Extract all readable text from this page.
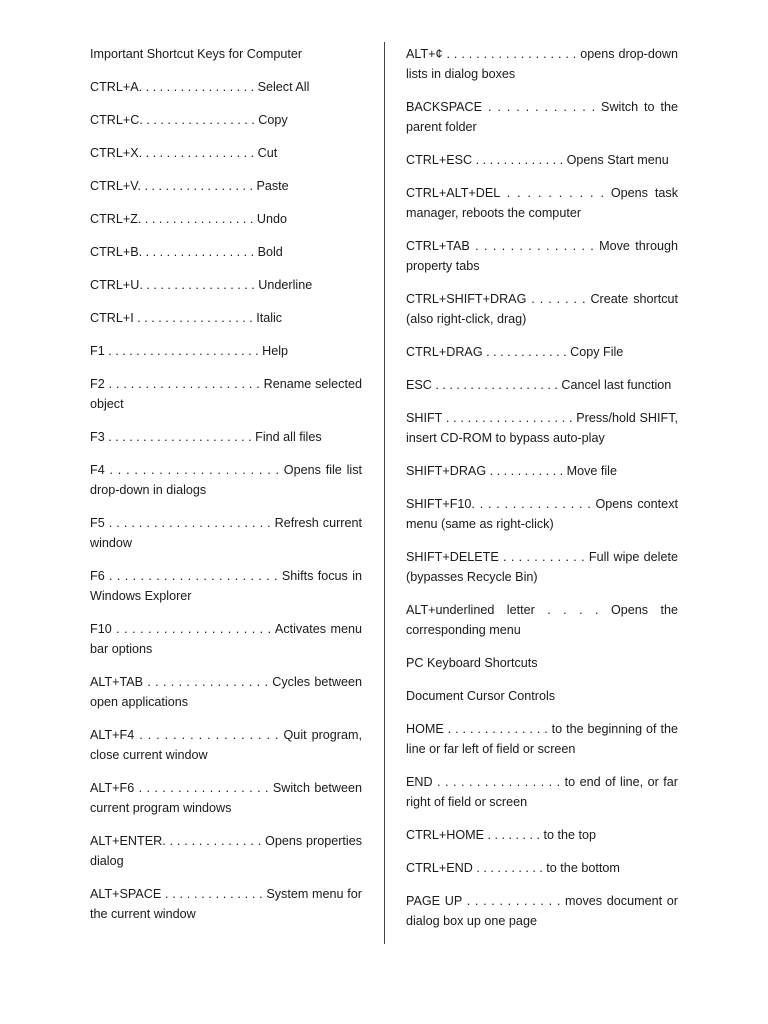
Important Shortcut Keys for Computer

CTRL+A. . . . . . . . . . . . . . . . . Select All

CTRL+C. . . . . . . . . . . . . . . . . Copy

CTRL+X. . . . . . . . . . . . . . . . . Cut

CTRL+V. . . . . . . . . . . . . . . . . Paste

CTRL+Z. . . . . . . . . . . . . . . . . Undo

CTRL+B. . . . . . . . . . . . . . . . . Bold

CTRL+U. . . . . . . . . . . . . . . . . Underline

CTRL+I . . . . . . . . . . . . . . . . . Italic

F1 . . . . . . . . . . . . . . . . . . . . . . Help

F2 . . . . . . . . . . . . . . . . . . . . . Rename selected object

F3 . . . . . . . . . . . . . . . . . . . . . Find all files

F4 . . . . . . . . . . . . . . . . . . . . . Opens file list drop-down in dialogs

F5 . . . . . . . . . . . . . . . . . . . . . . Refresh current window

F6 . . . . . . . . . . . . . . . . . . . . . . Shifts focus in Windows Explorer

F10 . . . . . . . . . . . . . . . . . . . . Activates menu bar options

ALT+TAB . . . . . . . . . . . . . . . . Cycles between open applications

ALT+F4 . . . . . . . . . . . . . . . . . Quit program, close current window

ALT+F6 . . . . . . . . . . . . . . . . . Switch between current program windows

ALT+ENTER. . . . . . . . . . . . . . Opens properties dialog

ALT+SPACE . . . . . . . . . . . . . . System menu for the current window

ALT+¢ . . . . . . . . . . . . . . . . . . opens drop-down lists in dialog boxes

BACKSPACE . . . . . . . . . . . . Switch to the parent folder

CTRL+ESC . . . . . . . . . . . . . Opens Start menu

CTRL+ALT+DEL . . . . . . . . . . Opens task manager, reboots the computer

CTRL+TAB . . . . . . . . . . . . . . Move through property tabs

CTRL+SHIFT+DRAG . . . . . . . Create shortcut (also right-click, drag)

CTRL+DRAG . . . . . . . . . . . . Copy File

ESC . . . . . . . . . . . . . . . . . . Cancel last function

SHIFT . . . . . . . . . . . . . . . . . . Press/hold SHIFT, insert CD-ROM to bypass auto-play

SHIFT+DRAG . . . . . . . . . . . Move file

SHIFT+F10. . . . . . . . . . . . . . . Opens context menu (same as right-click)

SHIFT+DELETE . . . . . . . . . . . Full wipe delete (bypasses Recycle Bin)

ALT+underlined letter . . . . Opens the corresponding menu

PC Keyboard Shortcuts

Document Cursor Controls

HOME . . . . . . . . . . . . . . to the beginning of the line or far left of field or screen

END . . . . . . . . . . . . . . . . to end of line, or far right of field or screen

CTRL+HOME . . . . . . . . to the top

CTRL+END . . . . . . . . . . to the bottom

PAGE UP . . . . . . . . . . . . moves document or dialog box up one page
